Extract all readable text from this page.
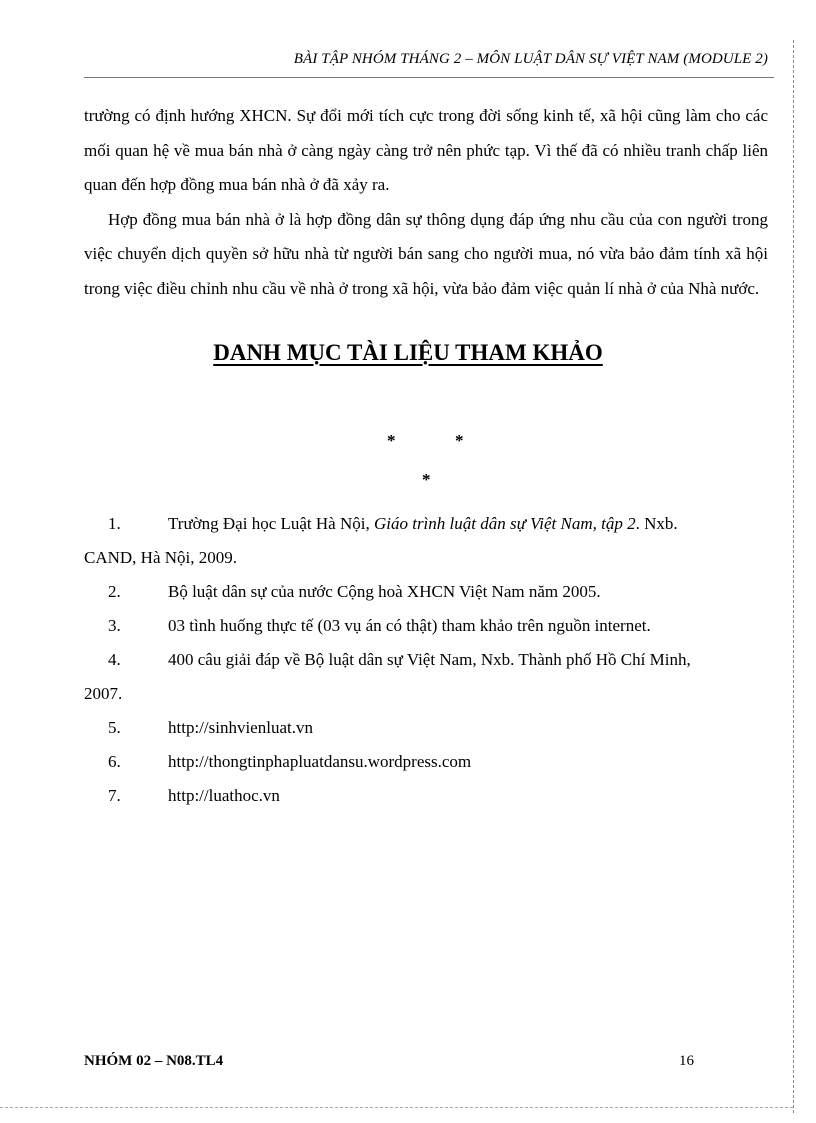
BÀI TẬP NHÓM THÁNG 2 – MÔN LUẬT DÂN SỰ VIỆT NAM (MODULE 2)

trường có định hướng XHCN. Sự đổi mới tích cực trong đời sống kinh tế, xã hội cũng làm cho các mối quan hệ về mua bán nhà ở càng ngày càng trở nên phức tạp. Vì thế đã có nhiều tranh chấp liên quan đến hợp đồng mua bán nhà ở đã xảy ra.

Hợp đồng mua bán nhà ở là hợp đồng dân sự thông dụng đáp ứng nhu cầu của con người trong việc chuyển dịch quyền sở hữu nhà từ người bán sang cho người mua, nó vừa bảo đảm tính xã hội trong việc điều chỉnh nhu cầu về nhà ở trong xã hội, vừa bảo đảm việc quản lí nhà ở của Nhà nước.

DANH MỤC TÀI LIỆU THAM KHẢO
*	*
*
1.	Trường Đại học Luật Hà Nội, Giáo trình luật dân sự Việt Nam, tập 2. Nxb.
CAND, Hà Nội, 2009.
2.	Bộ luật dân sự của nước Cộng hoà XHCN Việt Nam năm 2005.
3.	03 tình huống thực tế (03 vụ án có thật) tham khảo trên nguồn internet.
4.	400 câu giải đáp về Bộ luật dân sự Việt Nam, Nxb. Thành phố Hồ Chí Minh,
2007.
5.	http://sinhvienluat.vn
6.	http://thongtinphapluatdansu.wordpress.com
7.	http://luathoc.vn
NHÓM 02 – N08.TL4	16
